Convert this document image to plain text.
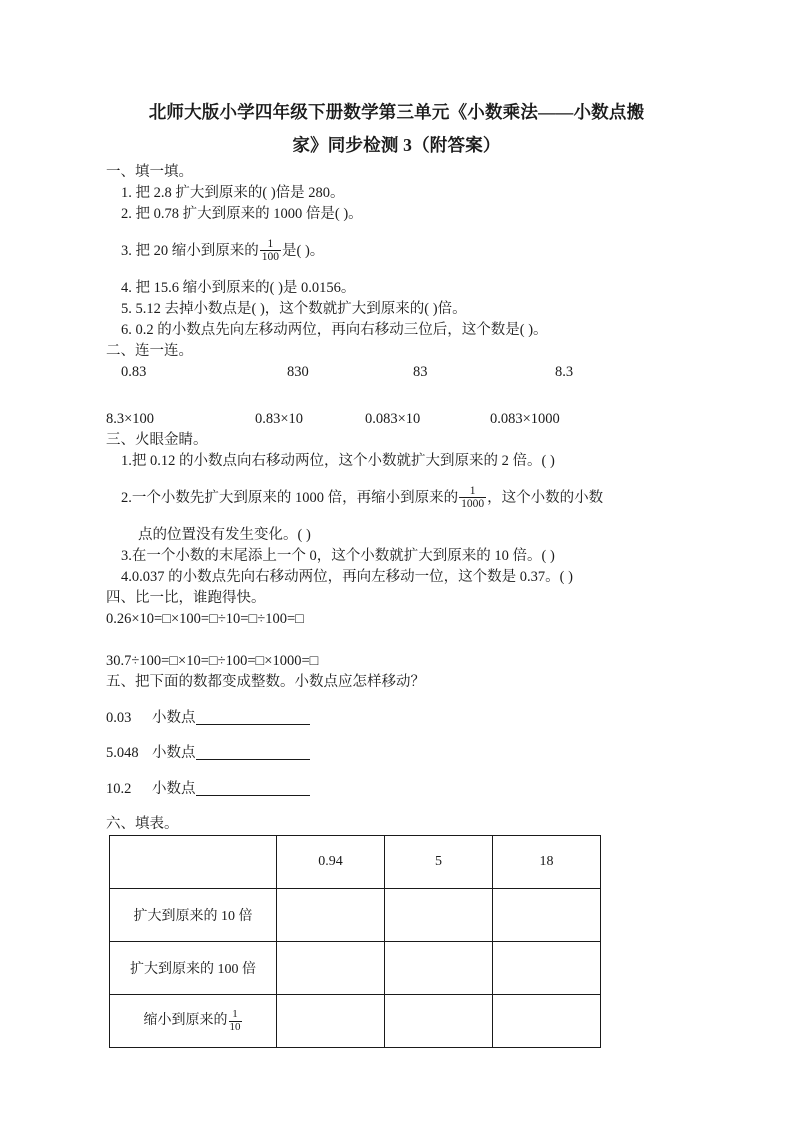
北师大版小学四年级下册数学第三单元《小数乘法——小数点搬
家》同步检测 3（附答案）

一、填一填。

1. 把 2.8 扩大到原来的( )倍是 280。

2. 把 0.78 扩大到原来的 1000 倍是( )。

3. 把 20 缩小到原来的 $\frac{1}{100}$ 是( )。

4. 把 15.6 缩小到原来的( )是 0.0156。

5. 5.12 去掉小数点是( )，这个数就扩大到原来的( )倍。

6. 0.2 的小数点先向左移动两位，再向右移动三位后，这个数是( )。

二、连一连。

0.83	830	83	8.3
8.3×100	0.83×10	0.083×10	0.083×1000

三、火眼金睛。

1.把 0.12 的小数点向右移动两位，这个小数就扩大到原来的 2 倍。( )

2.一个小数先扩大到原来的 1000 倍，再缩小到原来的 $\frac{1}{1000}$ ，这个小数的小数

点的位置没有发生变化。( )

3.在一个小数的末尾添上一个 0，这个小数就扩大到原来的 10 倍。( )

4.0.037 的小数点先向右移动两位，再向左移动一位，这个数是 0.37。( )

四、比一比，谁跑得快。

0.26×10=□×100=□÷10=□÷100=□

30.7÷100=□×10=□÷100=□×1000=□

五、把下面的数都变成整数。小数点应怎样移动？

0.03 小数点

5.048 小数点

10.2 小数点

六、填表。

	0.94	5	18
扩大到原来的 10 倍			
扩大到原来的 100 倍			
缩小到原来的 $\frac{1}{10}$
